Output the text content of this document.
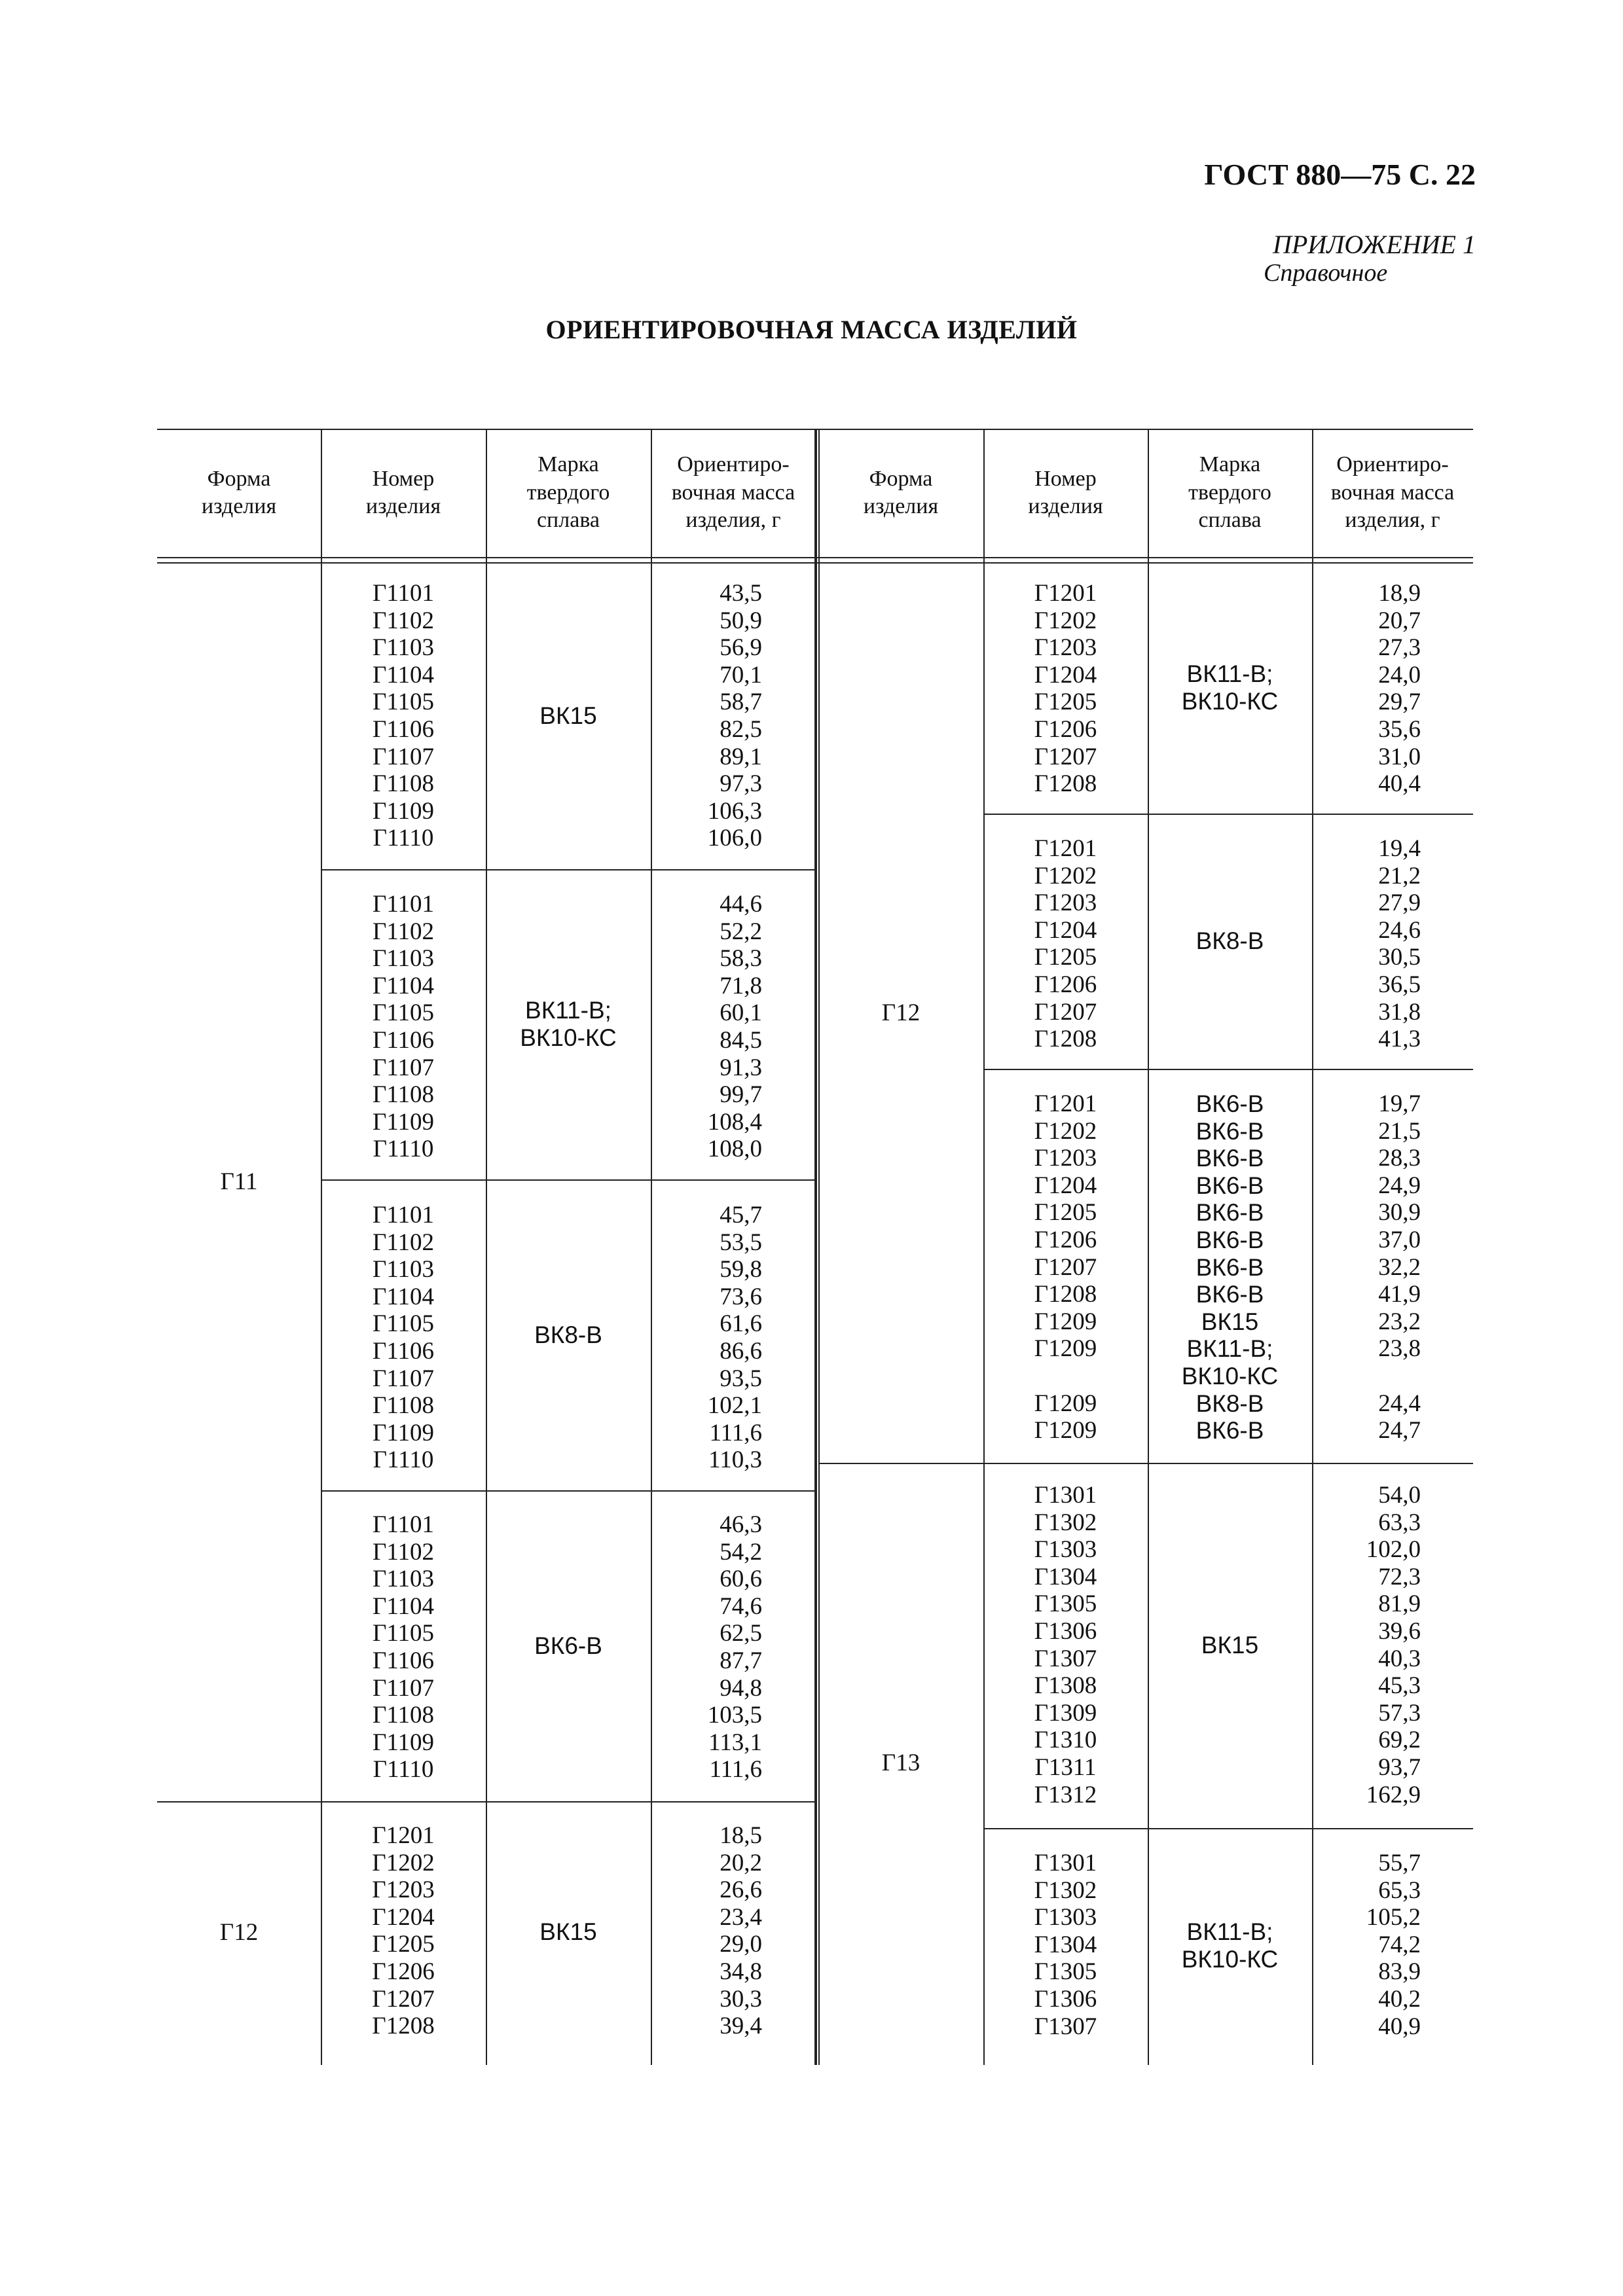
ГОСТ 880—75 С. 22
ПРИЛОЖЕНИЕ 1
Справочное
ОРИЕНТИРОВОЧНАЯ МАССА ИЗДЕЛИЙ
Форма
изделия
Номер
изделия
Марка
твердого
сплава
Ориентиро-
вочная масса
изделия, г
Форма
изделия
Номер
изделия
Марка
твердого
сплава
Ориентиро-
вочная масса
изделия, г
Г11
Г12
Г1101
Г1102
Г1103
Г1104
Г1105
Г1106
Г1107
Г1108
Г1109
Г1110
ВК15
43,5
50,9
56,9
70,1
58,7
82,5
89,1
97,3
106,3
106,0
Г1101
Г1102
Г1103
Г1104
Г1105
Г1106
Г1107
Г1108
Г1109
Г1110
ВК11-В;
ВК10-КС
44,6
52,2
58,3
71,8
60,1
84,5
91,3
99,7
108,4
108,0
Г1101
Г1102
Г1103
Г1104
Г1105
Г1106
Г1107
Г1108
Г1109
Г1110
ВК8-В
45,7
53,5
59,8
73,6
61,6
86,6
93,5
102,1
111,6
110,3
Г1101
Г1102
Г1103
Г1104
Г1105
Г1106
Г1107
Г1108
Г1109
Г1110
ВК6-В
46,3
54,2
60,6
74,6
62,5
87,7
94,8
103,5
113,1
111,6
Г1201
Г1202
Г1203
Г1204
Г1205
Г1206
Г1207
Г1208
ВК15
18,5
20,2
26,6
23,4
29,0
34,8
30,3
39,4
Г12
Г13
Г1201
Г1202
Г1203
Г1204
Г1205
Г1206
Г1207
Г1208
ВК11-В;
ВК10-КС
18,9
20,7
27,3
24,0
29,7
35,6
31,0
40,4
Г1201
Г1202
Г1203
Г1204
Г1205
Г1206
Г1207
Г1208
ВК8-В
19,4
21,2
27,9
24,6
30,5
36,5
31,8
41,3
Г1201
Г1202
Г1203
Г1204
Г1205
Г1206
Г1207
Г1208
Г1209
Г1209

Г1209
Г1209
ВК6-В
ВК6-В
ВК6-В
ВК6-В
ВК6-В
ВК6-В
ВК6-В
ВК6-В
ВК15
ВК11-В;
ВК10-КС
ВК8-В
ВК6-В
19,7
21,5
28,3
24,9
30,9
37,0
32,2
41,9
23,2
23,8

24,4
24,7
Г1301
Г1302
Г1303
Г1304
Г1305
Г1306
Г1307
Г1308
Г1309
Г1310
Г1311
Г1312
ВК15
54,0
63,3
102,0
72,3
81,9
39,6
40,3
45,3
57,3
69,2
93,7
162,9
Г1301
Г1302
Г1303
Г1304
Г1305
Г1306
Г1307
ВК11-В;
ВК10-КС
55,7
65,3
105,2
74,2
83,9
40,2
40,9
